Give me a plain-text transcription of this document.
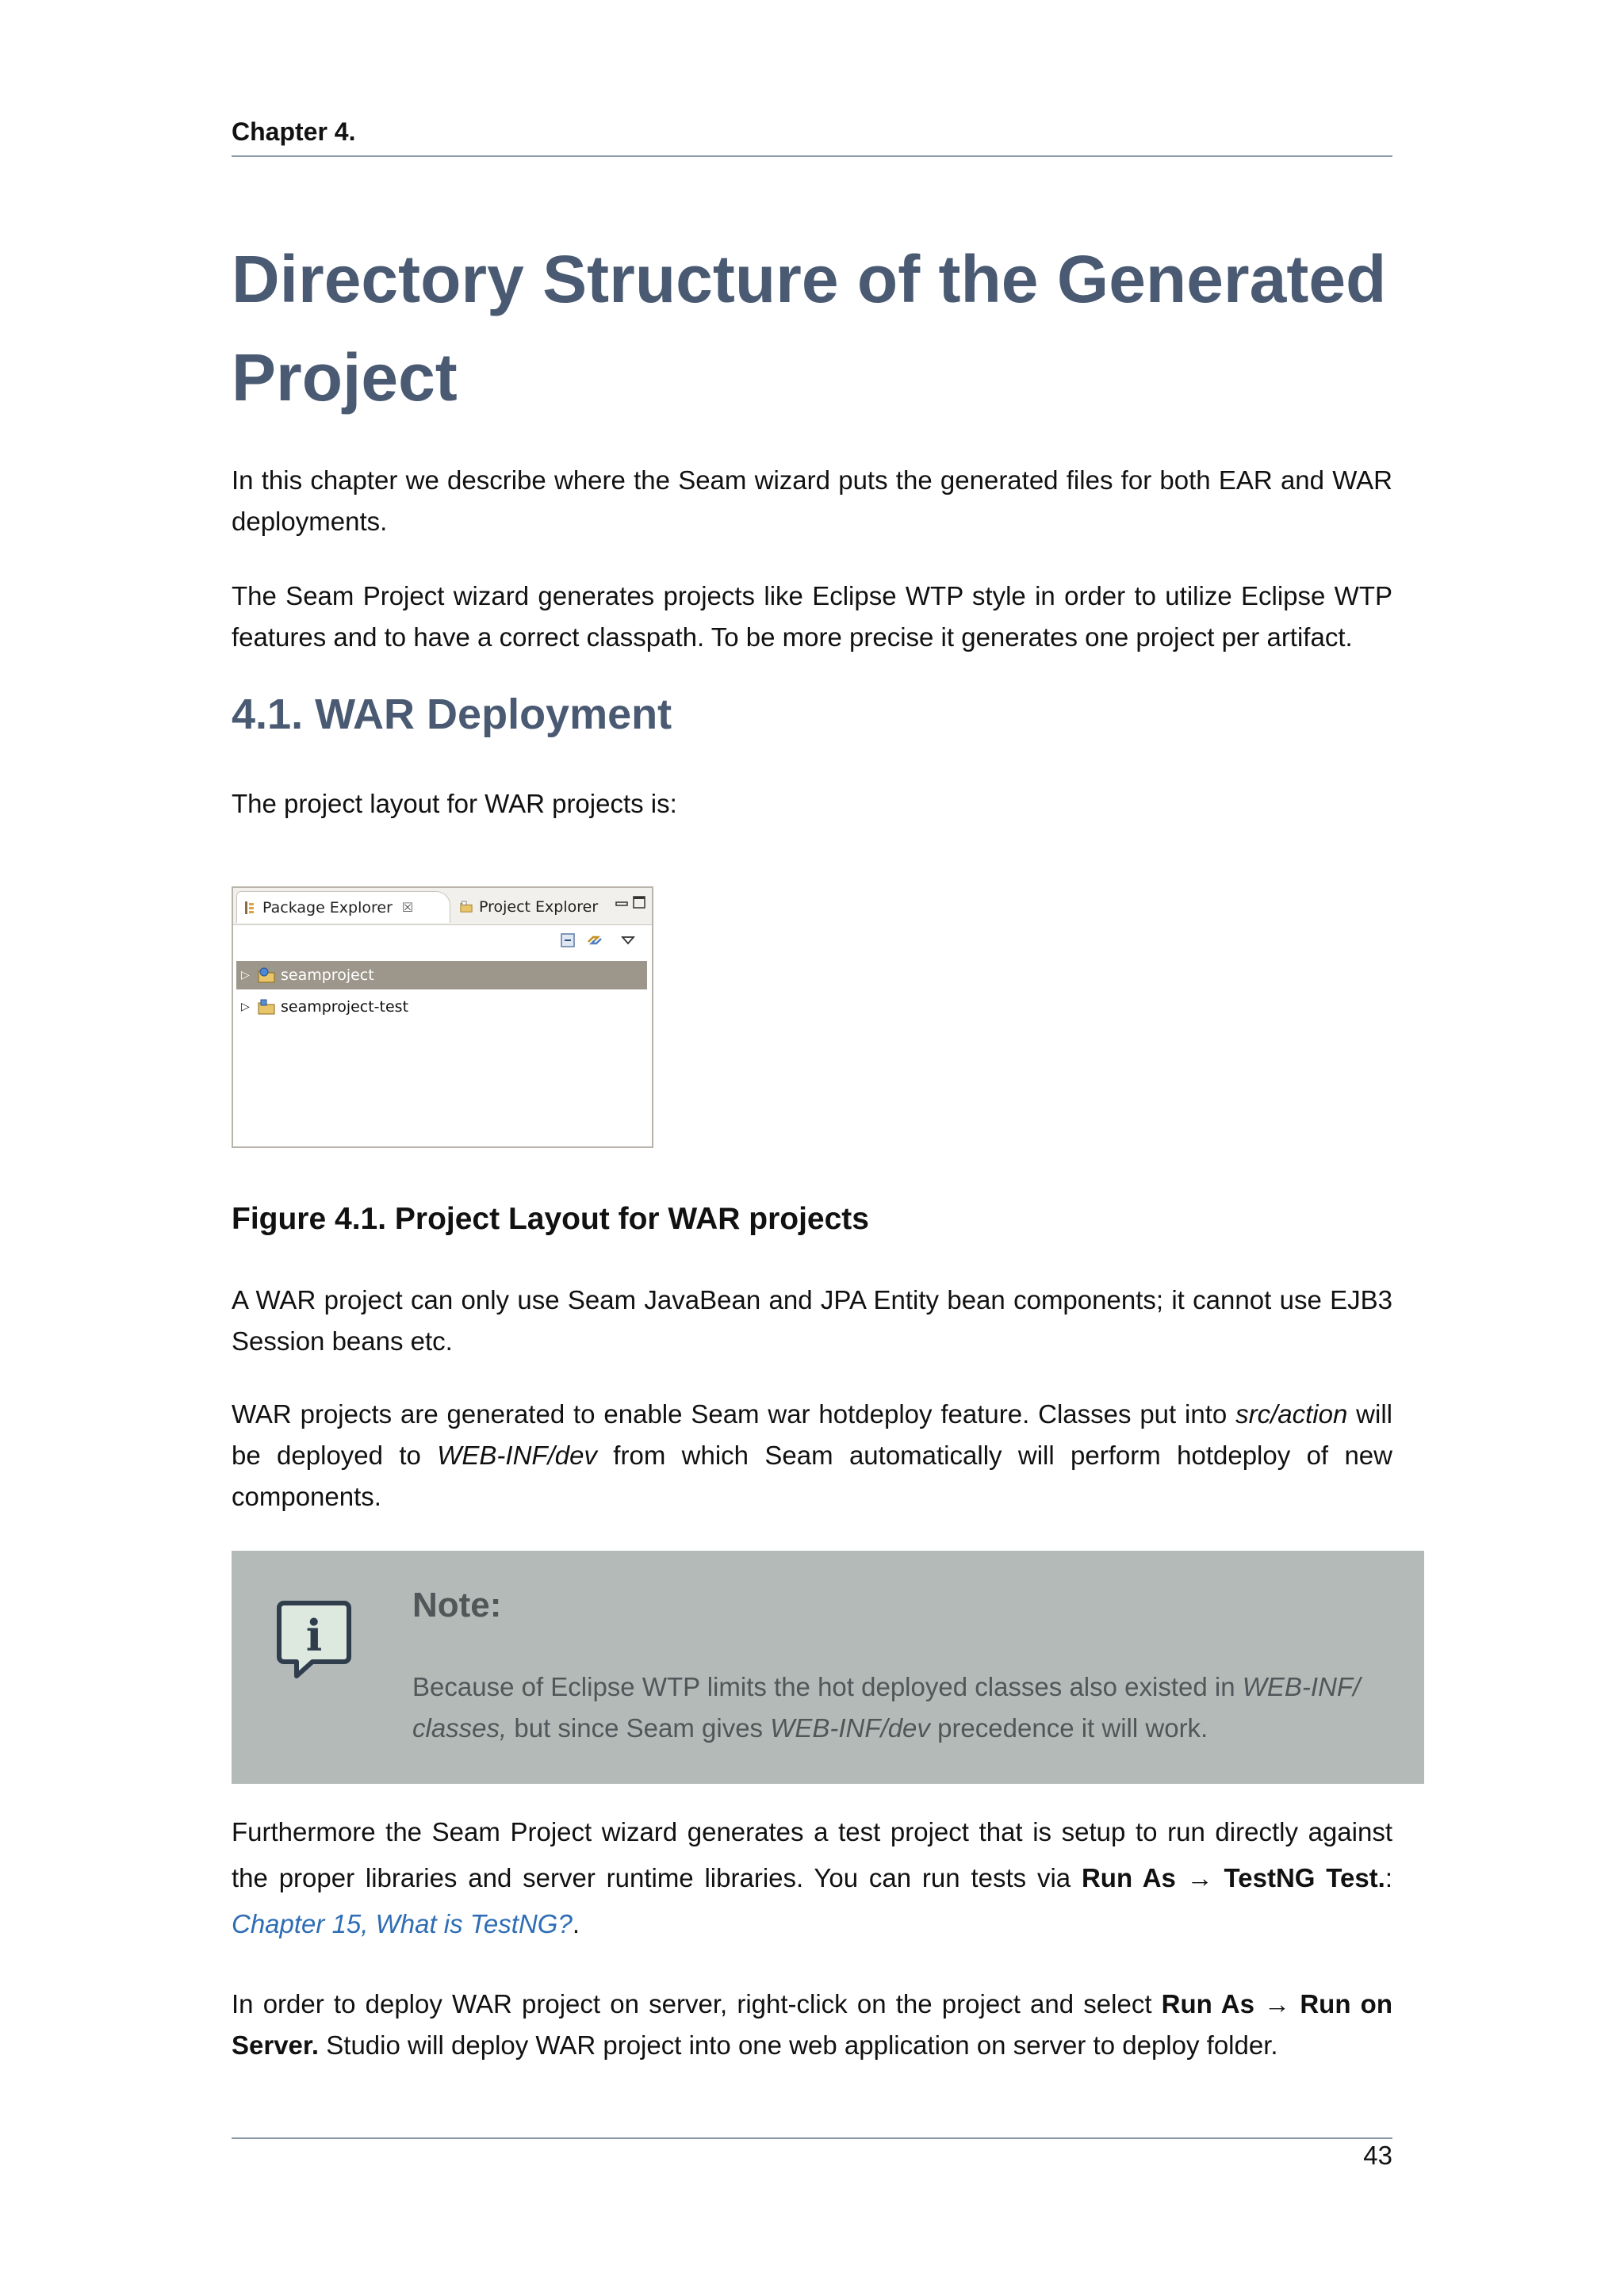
Chapter 4.
Directory Structure of the Generated Project

In this chapter we describe where the Seam wizard puts the generated files for both EAR and WAR deployments.

The Seam Project wizard generates projects like Eclipse WTP style in order to utilize Eclipse WTP features and to have a correct classpath. To be more precise it generates one project per artifact.

4.1. WAR Deployment

The project layout for WAR projects is:

Package Explorer ☒	Project Explorer
▷ seamproject
▷ seamproject-test
Figure 4.1. Project Layout for WAR projects

A WAR project can only use Seam JavaBean and JPA Entity bean components; it cannot use EJB3 Session beans etc.

WAR projects are generated to enable Seam war hotdeploy feature. Classes put into src/action will be deployed to WEB-INF/dev from which Seam automatically will perform hotdeploy of new components.

i
Note:

Because of Eclipse WTP limits the hot deployed classes also existed in WEB-INF/ classes, but since Seam gives WEB-INF/dev precedence it will work.

Furthermore the Seam Project wizard generates a test project that is setup to run directly against the proper libraries and server runtime libraries. You can run tests via Run As → TestNG Test.: Chapter 15, What is TestNG?.

In order to deploy WAR project on server, right-click on the project and select Run As → Run on Server. Studio will deploy WAR project into one web application on server to deploy folder.

43
